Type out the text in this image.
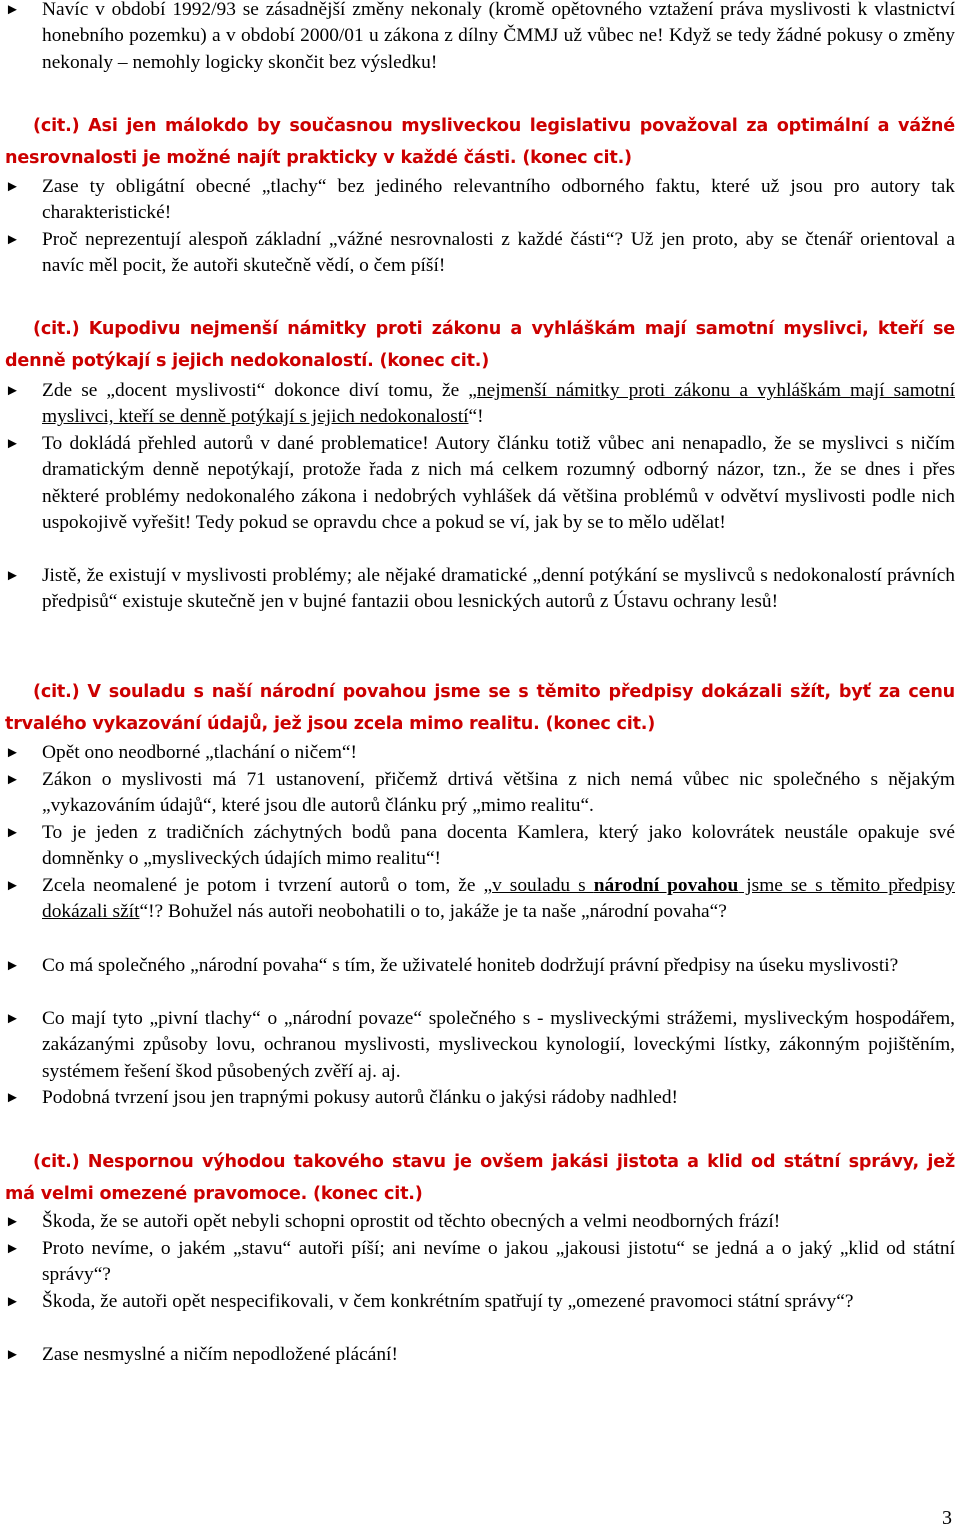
► Navíc v období 1992/93 se zásadnější změny nekonaly (kromě opětovného vztažení práva myslivosti k vlastnictví honebního pozemku) a v období 2000/01 u zákona z dílny ČMMJ už vůbec ne! Když se tedy žádné pokusy o změny nekonaly – nemohly logicky skončit bez výsledku!
(cit.) Asi jen málokdo by současnou mysliveckou legislativu považoval za optimální a vážné nesrovnalosti je možné najít prakticky v každé části. (konec cit.)
► Zase ty obligátní obecné „tlachy“ bez jediného relevantního odborného faktu, které už jsou pro autory tak charakteristické!
► Proč neprezentují alespoň základní „vážné nesrovnalosti z každé části“? Už jen proto, aby se čtenář orientoval a navíc měl pocit, že autoři skutečně vědí, o čem píší!
(cit.) Kupodivu nejmenší námitky proti zákonu a vyhláškám mají samotní myslivci, kteří se denně potýkají s jejich nedokonalostí. (konec cit.)
► Zde se „docent myslivosti“ dokonce diví tomu, že „nejmenší námitky proti zákonu a vyhláškám mají samotní myslivci, kteří se denně potýkají s jejich nedokonalostí“!
► To dokládá přehled autorů v dané problematice! Autory článku totiž vůbec ani nenapadlo, že se myslivci s ničím dramatickým denně nepotýkají, protože řada z nich má celkem rozumný odborný názor, tzn., že se dnes i přes některé problémy nedokonalého zákona i nedobrých vyhlášek dá většina problémů v odvětví myslivosti podle nich uspokojivě vyřešit! Tedy pokud se opravdu chce a pokud se ví, jak by se to mělo udělat!
► Jistě, že existují v myslivosti problémy; ale nějaké dramatické „denní potýkání se myslivců s nedokonalostí právních předpisů“ existuje skutečně jen v bujné fantazii obou lesnických autorů z Ústavu ochrany lesů!
(cit.) V souladu s naší národní povahou jsme se s těmito předpisy dokázali sžít, byť za cenu trvalého vykazování údajů, jež jsou zcela mimo realitu. (konec cit.)
► Opět ono neodborné „tlachání o ničem“!
► Zákon o myslivosti má 71 ustanovení, přičemž drtivá většina z nich nemá vůbec nic společného s nějakým „vykazováním údajů“, které jsou dle autorů článku prý „mimo realitu“.
► To je jeden z tradičních záchytných bodů pana docenta Kamlera, který jako kolovrátek neustále opakuje své domněnky o „mysliveckých údajích mimo realitu“!
► Zcela neomalené je potom i tvrzení autorů o tom, že „v souladu s národní povahou jsme se s těmito předpisy dokázali sžít“!? Bohužel nás autoři neobohatili o to, jakáže je ta naše „národní povaha“?
► Co má společného „národní povaha“ s tím, že uživatelé honiteb dodržují právní předpisy na úseku myslivosti?
► Co mají tyto „pivní tlachy“ o „národní povaze“ společného s - mysliveckými strážemi, mysliveckým hospodářem, zakázanými způsoby lovu, ochranou myslivosti, mysliveckou kynologií, loveckými lístky, zákonným pojištěním, systémem řešení škod působených zvěří aj. aj.
► Podobná tvrzení jsou jen trapnými pokusy autorů článku o jakýsi rádoby nadhled!
(cit.) Nespornou výhodou takového stavu je ovšem jakási jistota a klid od státní správy, jež má velmi omezené pravomoce. (konec cit.)
► Škoda, že se autoři opět nebyli schopni oprostit od těchto obecných a velmi neodborných frází!
► Proto nevíme, o jakém „stavu“ autoři píší; ani nevíme o jakou „jakousi jistotu“ se jedná a o jaký „klid od státní správy“?
► Škoda, že autoři opět nespecifikovali, v čem konkrétním spatřují ty „omezené pravomoci státní správy“?
► Zase nesmyslné a ničím nepodložené plácání!
3
